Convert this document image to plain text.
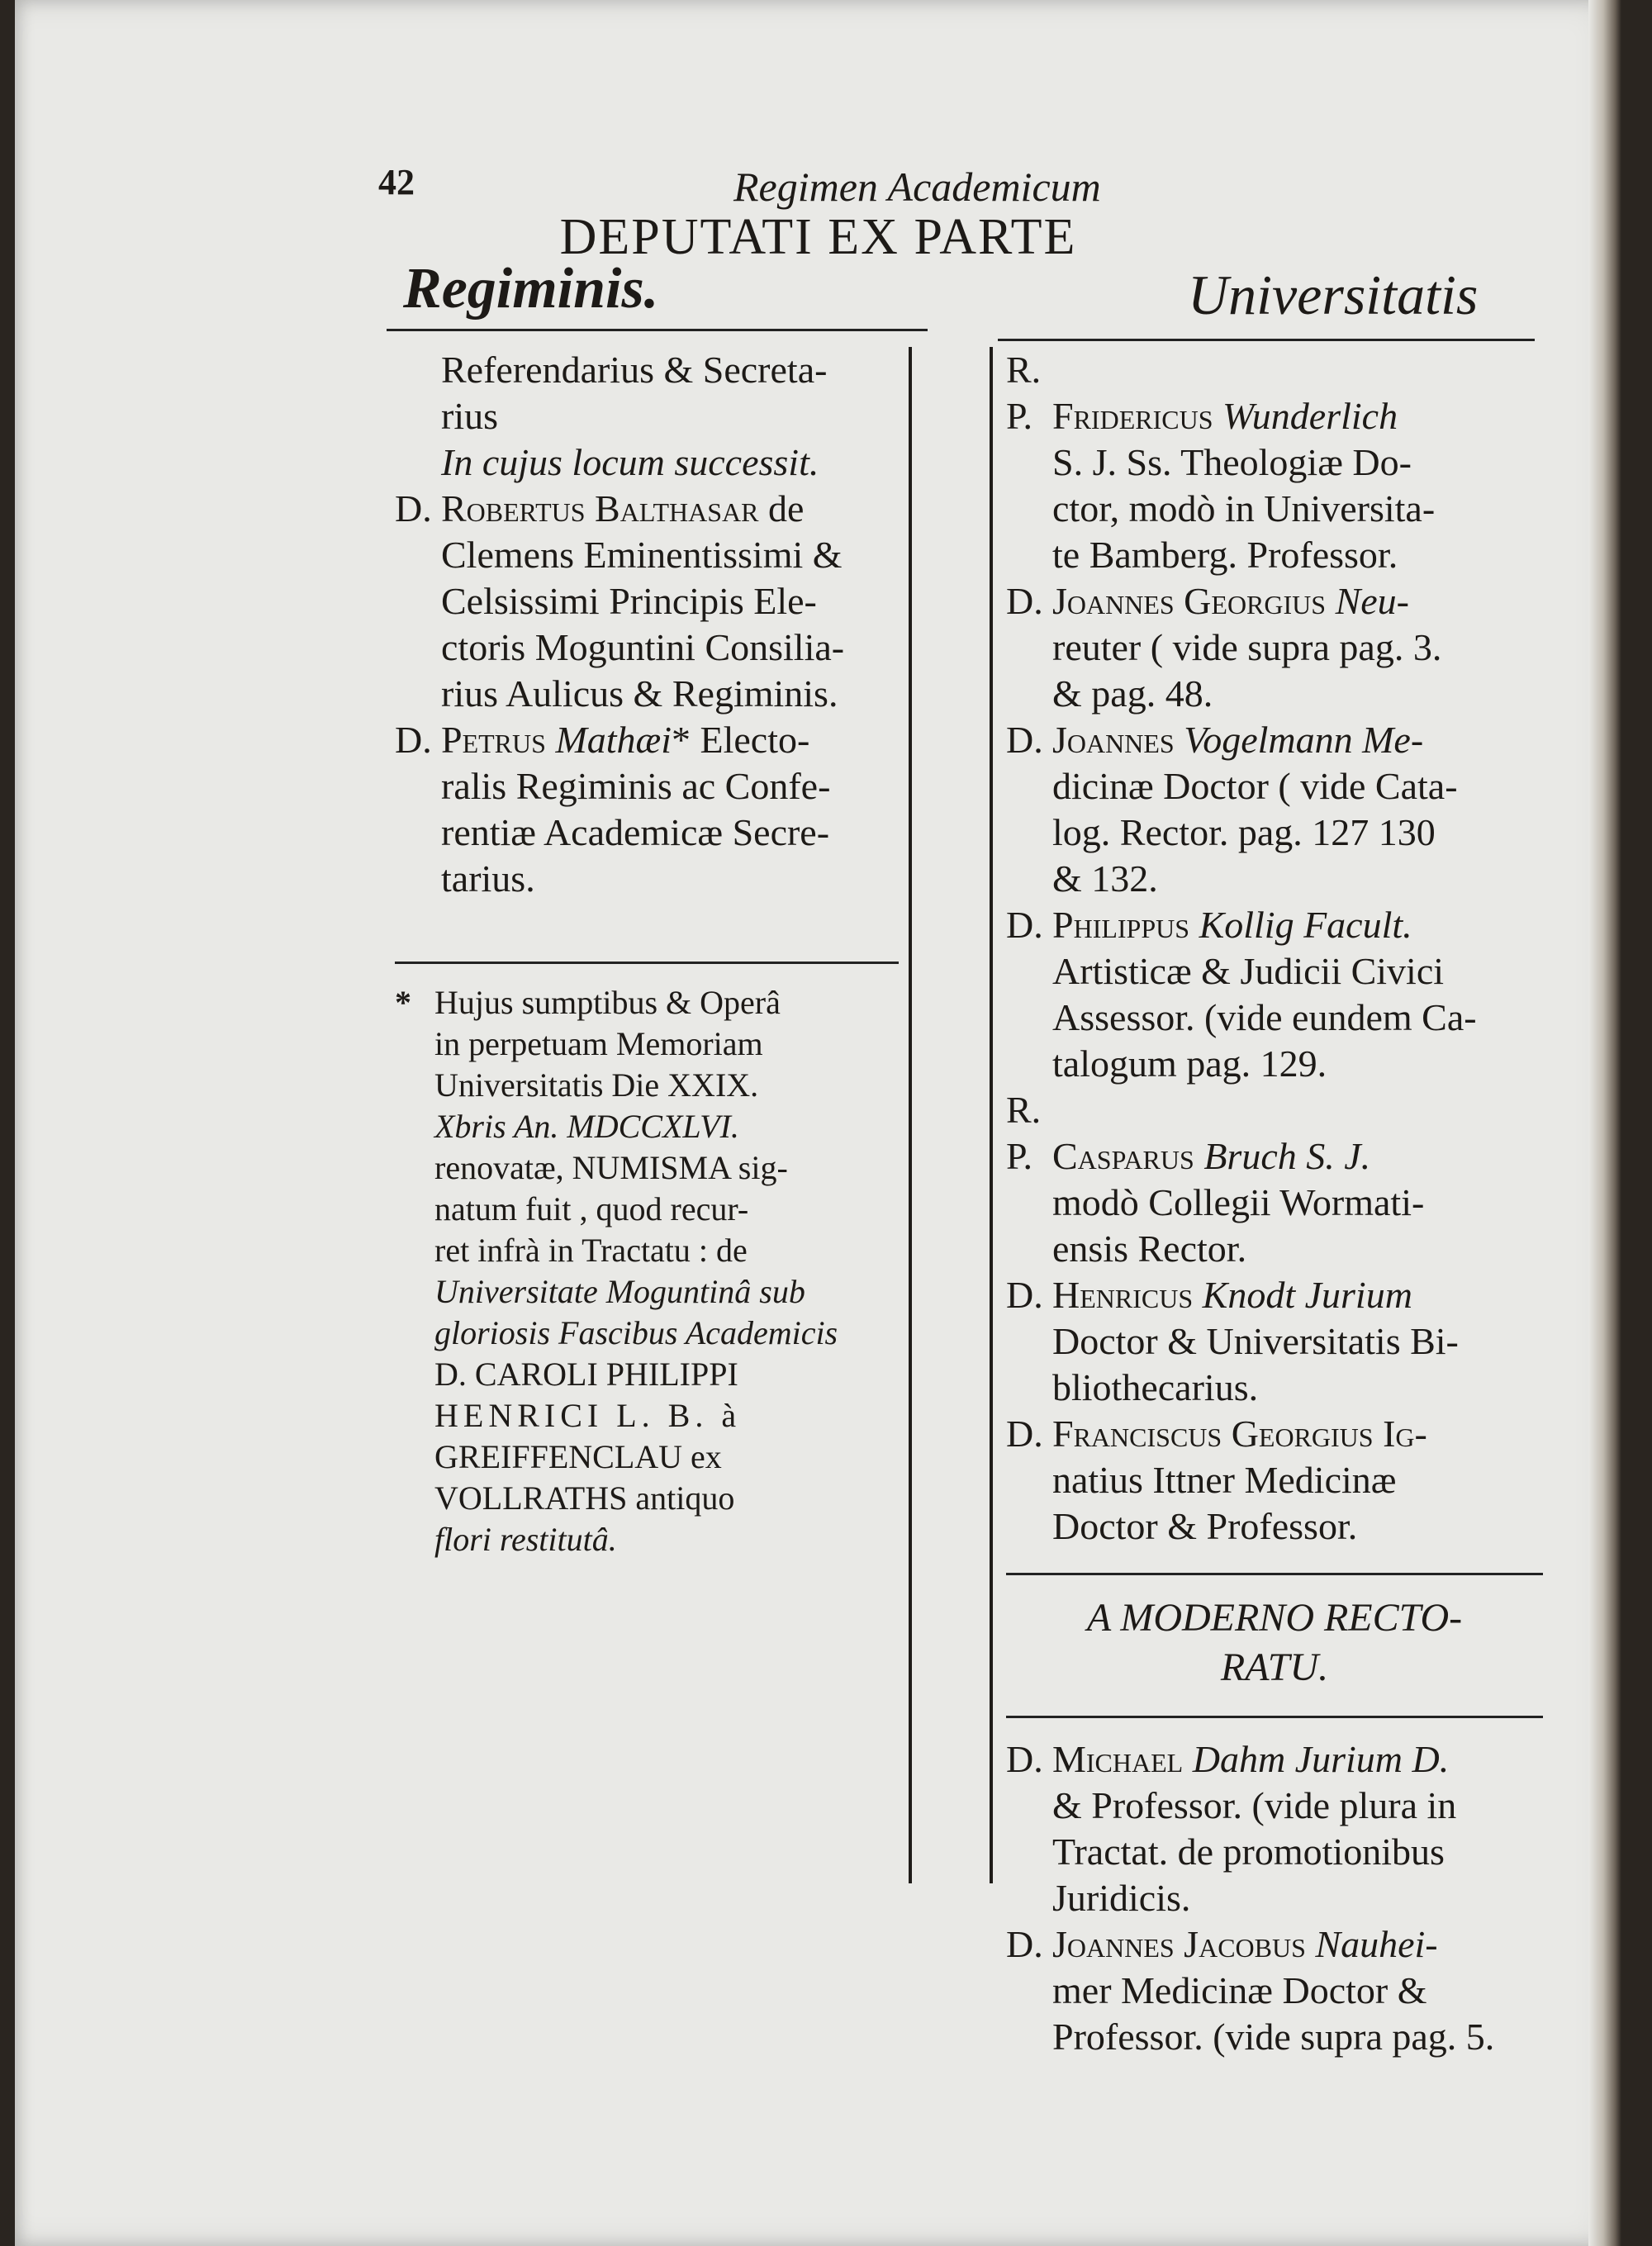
42	Regimen Academicum
DEPUTATI EX PARTE
Regiminis.	Universitatis
Referendarius & Secreta-
rius
In cujus locum successit.
D. Robertus Balthasar de
Clemens Eminentissimi &
Celsissimi Principis Ele-
ctoris Moguntini Consilia-
rius Aulicus & Regiminis.
D. Petrus Mathæi* Electo-
ralis Regiminis ac Confe-
rentiæ Academicæ Secre-
tarius.
* Hujus sumptibus & Operâ
in perpetuam Memoriam
Universitatis Die XXIX.
Xbris An. MDCCXLVI.
renovatæ, NUMISMA sig-
natum fuit , quod recur-
ret infrà in Tractatu : de
Universitate Moguntinâ sub
gloriosis Fascibus Academicis
D. CAROLI PHILIPPI
HENRICI L. B. à
GREIFFENCLAU ex
VOLLRATHS antiquo
flori restitutâ.
R. P. Fridericus Wunderlich
S. J. Ss. Theologiæ Do-
ctor, modò in Universita-
te Bamberg. Professor.
D. Joannes Georgius Neu-
reuter ( vide supra pag. 3.
& pag. 48.
D. Joannes Vogelmann Me-
dicinæ Doctor ( vide Cata-
log. Rector. pag. 127 130
& 132.
D. Philippus Kollig Facult.
Artisticæ & Judicii Civici
Assessor. (vide eundem Ca-
talogum pag. 129.
R. P. Casparus Bruch S. J.
modò Collegii Wormati-
ensis Rector.
D. Henricus Knodt Jurium
Doctor & Universitatis Bi-
bliothecarius.
D. Franciscus Georgius Ig-
natius Ittner Medicinæ
Doctor & Professor.
A MODERNO RECTO-
RATU.
D. Michael Dahm Jurium D.
& Professor. (vide plura in
Tractat. de promotionibus
Juridicis.
D. Joannes Jacobus Nauhei-
mer Medicinæ Doctor &
Professor. (vide supra pag. 5.
